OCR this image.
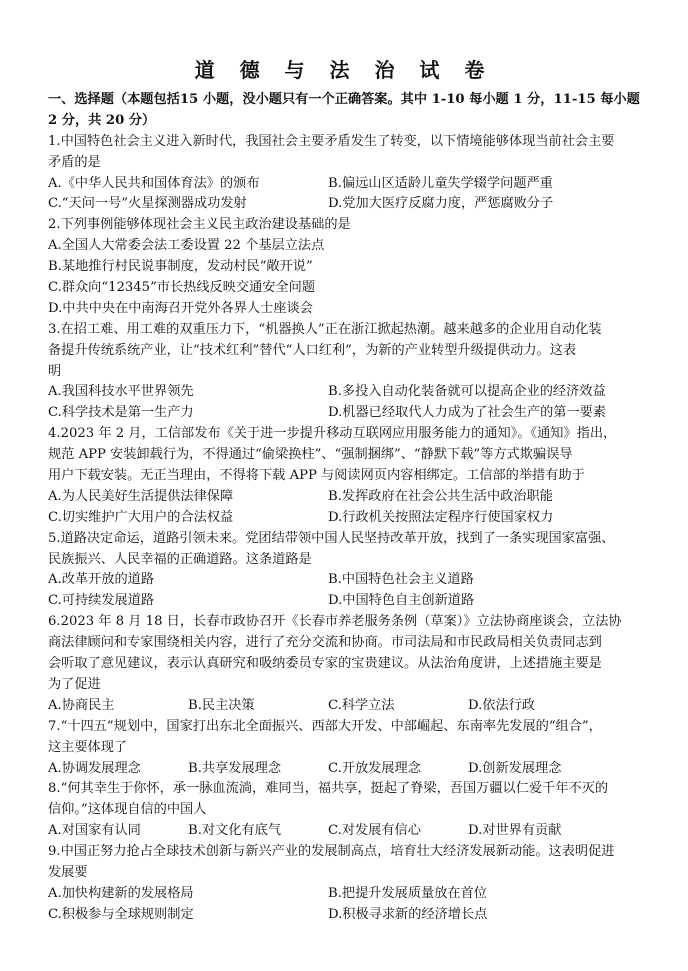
道 德 与 法 治 试 卷
一、选择题（本题包括15 小题，没小题只有一个正确答案。其中 1-10 每小题 1 分，11-15 每小题
2 分，共 20 分）
1.中国特色社会主义进入新时代，我国社会主要矛盾发生了转变，以下情境能够体现当前社会主要
矛盾的是
A.《中华人民共和国体育法》的颁布	B.偏远山区适龄儿童失学辍学问题严重
C.“天问一号”火星探测器成功发射	D.党加大医疗反腐力度，严惩腐败分子
2.下列事例能够体现社会主义民主政治建设基础的是
A.全国人大常委会法工委设置 22 个基层立法点
B.某地推行村民说事制度，发动村民“敞开说”
C.群众向“12345”市长热线反映交通安全问题
D.中共中央在中南海召开党外各界人士座谈会
3.在招工难、用工难的双重压力下，“机器换人”正在浙江掀起热潮。越来越多的企业用自动化装
备提升传统系统产业，让“技术红利”替代“人口红利”，为新的产业转型升级提供动力。这表
明
A.我国科技水平世界领先	B.多投入自动化装备就可以提高企业的经济效益
C.科学技术是第一生产力	D.机器已经取代人力成为了社会生产的第一要素
4.2023 年 2 月，工信部发布《关于进一步提升移动互联网应用服务能力的通知》。《通知》指出，
规范 APP 安装卸载行为，不得通过“偷梁换柱”、“强制捆绑”、“静默下载”等方式欺骗误导
用户下载安装。无正当理由，不得将下载 APP 与阅读网页内容相绑定。工信部的举措有助于
A.为人民美好生活提供法律保障	B.发挥政府在社会公共生活中政治职能
C.切实维护广大用户的合法权益	D.行政机关按照法定程序行使国家权力
5.道路决定命运，道路引领未来。党团结带领中国人民坚持改革开放，找到了一条实现国家富强、
民族振兴、人民幸福的正确道路。这条道路是
A.改革开放的道路	B.中国特色社会主义道路
C.可持续发展道路	D.中国特色自主创新道路
6.2023 年 8 月 18 日，长春市政协召开《长春市养老服务条例（草案）》立法协商座谈会，立法协
商法律顾问和专家围绕相关内容，进行了充分交流和协商。市司法局和市民政局相关负责同志到
会听取了意见建议，表示认真研究和吸纳委员专家的宝贵建议。从法治角度讲，上述措施主要是
为了促进
A.协商民主	B.民主决策	C.科学立法	D.依法行政
7.“十四五”规划中，国家打出东北全面振兴、西部大开发、中部崛起、东南率先发展的“组合”，
这主要体现了
A.协调发展理念	B.共享发展理念	C.开放发展理念	D.创新发展理念
8.“何其幸生于你怀，承一脉血流淌，难同当，福共享，挺起了脊梁，吾国万疆以仁爱千年不灭的
信仰。”这体现自信的中国人
A.对国家有认同	B.对文化有底气	C.对发展有信心	D.对世界有贡献
9.中国正努力抢占全球技术创新与新兴产业的发展制高点，培育壮大经济发展新动能。这表明促进
发展要
A.加快构建新的发展格局	B.把提升发展质量放在首位
C.积极参与全球规则制定	D.积极寻求新的经济增长点
